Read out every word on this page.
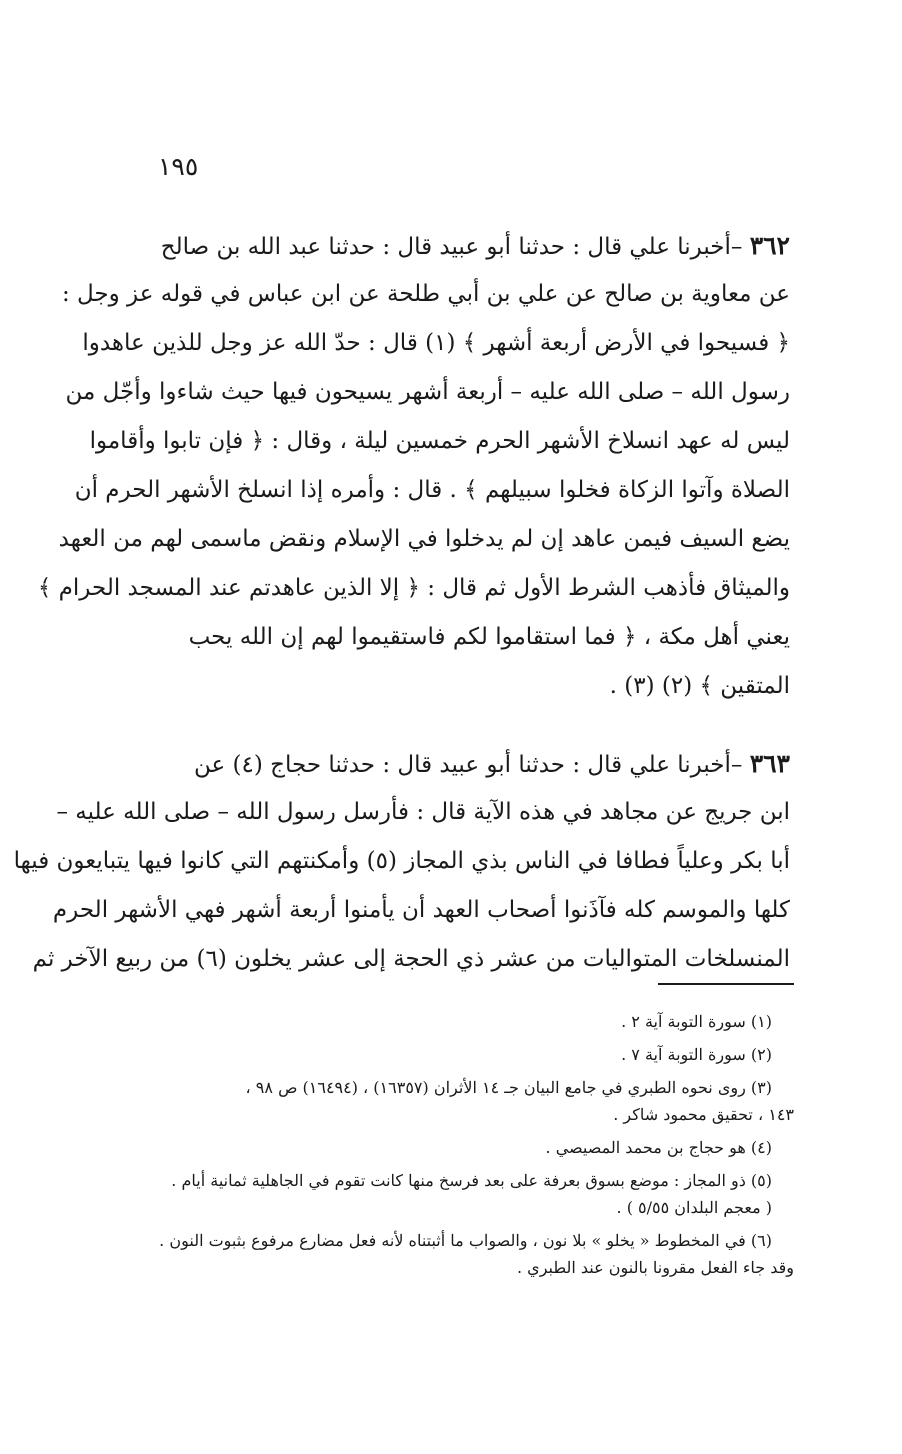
١٩٥
٣٦٢ –أخبرنا علي قال : حدثنا أبو عبيد قال : حدثنا عبد الله بن صالح
عن معاوية بن صالح عن علي بن أبي طلحة عن ابن عباس في قوله عز وجل :
﴿ فسيحوا في الأرض أربعة أشهر ﴾ (١) قال : حدّ الله عز وجل للذين عاهدوا
رسول الله – صلى الله عليه – أربعة أشهر يسيحون فيها حيث شاءوا وأجّل من
ليس له عهد انسلاخ الأشهر الحرم خمسين ليلة ، وقال : ﴿ فإن تابوا وأقاموا
الصلاة وآتوا الزكاة فخلوا سبيلهم ﴾ . قال : وأمره إذا انسلخ الأشهر الحرم أن
يضع السيف فيمن عاهد إن لم يدخلوا في الإسلام ونقض ماسمى لهم من العهد
والميثاق فأذهب الشرط الأول ثم قال : ﴿ إلا الذين عاهدتم عند المسجد الحرام ﴾
يعني أهل مكة ، ﴿ فما استقاموا لكم فاستقيموا لهم إن الله يحب
المتقين ﴾ (٢) (٣) .
٣٦٣ –أخبرنا علي قال : حدثنا أبو عبيد قال : حدثنا حجاج (٤) عن
ابن جريج عن مجاهد في هذه الآية قال : فأرسل رسول الله – صلى الله عليه –
أبا بكر وعلياً فطافا في الناس بذي المجاز (٥) وأمكنتهم التي كانوا فيها يتبايعون فيها
كلها والموسم كله فآذَنوا أصحاب العهد أن يأمنوا أربعة أشهر فهي الأشهر الحرم
المنسلخات المتواليات من عشر ذي الحجة إلى عشر يخلون (٦) من ربيع الآخر ثم
(١) سورة التوبة آية ٢ .
(٢) سورة التوبة آية ٧ .
(٣) روى نحوه الطبري في جامع البيان جـ ١٤ الأثران (١٦٣٥٧) ، (١٦٤٩٤) ص ٩٨ ،
١٤٣ ، تحقيق محمود شاكر .
(٤) هو حجاج بن محمد المصيصي .
(٥) ذو المجاز : موضع بسوق بعرفة على بعد فرسخ منها كانت تقوم في الجاهلية ثمانية أيام .
( معجم البلدان ٥/٥٥ ) .
(٦) في المخطوط « يخلو » بلا نون ، والصواب ما أثبتناه لأنه فعل مضارع مرفوع بثبوت النون .
وقد جاء الفعل مقرونا بالنون عند الطبري .
